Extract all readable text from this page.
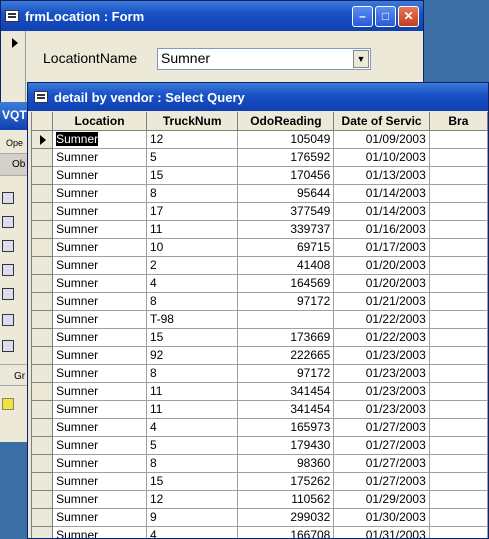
frmLocation : Form	–	□	✕
LocationtName Sumner	▼
VQT
Ope
Ob
Gr
detail by vendor : Select Query
	Location	TruckNum	OdoReading	Date of Servic	Bra

	Sumner	12	105049	01/09/2003	
	Sumner	5	176592	01/10/2003	
	Sumner	15	170456	01/13/2003	
	Sumner	8	95644	01/14/2003	
	Sumner	17	377549	01/14/2003	
	Sumner	11	339737	01/16/2003	
	Sumner	10	69715	01/17/2003	
	Sumner	2	41408	01/20/2003	
	Sumner	4	164569	01/20/2003	
	Sumner	8	97172	01/21/2003	
	Sumner	T-98		01/22/2003	
	Sumner	15	173669	01/22/2003	
	Sumner	92	222665	01/23/2003	
	Sumner	8	97172	01/23/2003	
	Sumner	11	341454	01/23/2003	
	Sumner	11	341454	01/23/2003	
	Sumner	4	165973	01/27/2003	
	Sumner	5	179430	01/27/2003	
	Sumner	8	98360	01/27/2003	
	Sumner	15	175262	01/27/2003	
	Sumner	12	110562	01/29/2003	
	Sumner	9	299032	01/30/2003	
	Sumner	4	166708	01/31/2003	
